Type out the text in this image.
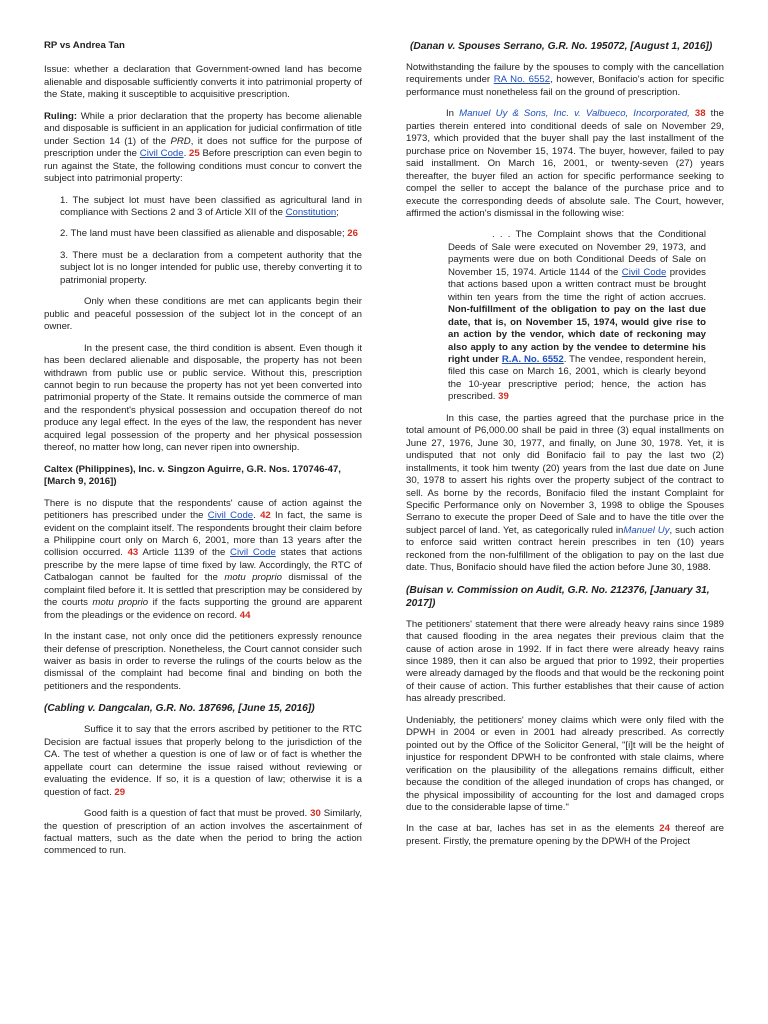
RP vs Andrea Tan

Issue: whether a declaration that Government-owned land has become alienable and disposable sufficiently converts it into patrimonial property of the State, making it susceptible to acquisitive prescription.

Ruling: While a prior declaration that the property has become alienable and disposable is sufficient in an application for judicial confirmation of title under Section 14 (1) of the PRD, it does not suffice for the purpose of prescription under the Civil Code. 25 Before prescription can even begin to run against the State, the following conditions must concur to convert the subject into patrimonial property:

1. The subject lot must have been classified as agricultural land in compliance with Sections 2 and 3 of Article XII of the Constitution;
2. The land must have been classified as alienable and disposable; 26
3. There must be a declaration from a competent authority that the subject lot is no longer intended for public use, thereby converting it to patrimonial property.

Only when these conditions are met can applicants begin their public and peaceful possession of the subject lot in the concept of an owner.

In the present case, the third condition is absent. Even though it has been declared alienable and disposable, the property has not been withdrawn from public use or public service. Without this, prescription cannot begin to run because the property has not yet been converted into patrimonial property of the State. It remains outside the commerce of man and the respondent's physical possession and occupation thereof do not produce any legal effect. In the eyes of the law, the respondent has never acquired legal possession of the property and her physical possession thereof, no matter how long, can never ripen into ownership.

Caltex (Philippines), Inc. v. Singzon Aguirre, G.R. Nos. 170746-47, [March 9, 2016])

There is no dispute that the respondents' cause of action against the petitioners has prescribed under the Civil Code. 42 In fact, the same is evident on the complaint itself. The respondents brought their claim before a Philippine court only on March 6, 2001, more than 13 years after the collision occurred. 43 Article 1139 of the Civil Code states that actions prescribe by the mere lapse of time fixed by law. Accordingly, the RTC of Catbalogan cannot be faulted for the motu proprio dismissal of the complaint filed before it. It is settled that prescription may be considered by the courts motu proprio if the facts supporting the ground are apparent from the pleadings or the evidence on record. 44

In the instant case, not only once did the petitioners expressly renounce their defense of prescription. Nonetheless, the Court cannot consider such waiver as basis in order to reverse the rulings of the courts below as the dismissal of the complaint had become final and binding on both the petitioners and the respondents.

(Cabling v. Dangcalan, G.R. No. 187696, [June 15, 2016])

Suffice it to say that the errors ascribed by petitioner to the RTC Decision are factual issues that properly belong to the jurisdiction of the CA. The test of whether a question is one of law or of fact is whether the appellate court can determine the issue raised without reviewing or evaluating the evidence. If so, it is a question of law; otherwise it is a question of fact. 29

Good faith is a question of fact that must be proved. 30 Similarly, the question of prescription of an action involves the ascertainment of factual matters, such as the date when the period to bring the action commenced to run.

(Danan v. Spouses Serrano, G.R. No. 195072, [August 1, 2016])

Notwithstanding the failure by the spouses to comply with the cancellation requirements under RA No. 6552, however, Bonifacio's action for specific performance must nonetheless fail on the ground of prescription.

In Manuel Uy & Sons, Inc. v. Valbueco, Incorporated, 38 the parties therein entered into conditional deeds of sale on November 29, 1973, which provided that the buyer shall pay the last installment of the purchase price on November 15, 1974. The buyer, however, failed to pay said installment. On March 16, 2001, or twenty-seven (27) years thereafter, the buyer filed an action for specific performance seeking to compel the seller to accept the balance of the purchase price and to execute the corresponding deeds of absolute sale. The Court, however, affirmed the action's dismissal in the following wise:

. . . The Complaint shows that the Conditional Deeds of Sale were executed on November 29, 1973, and payments were due on both Conditional Deeds of Sale on November 15, 1974. Article 1144 of the Civil Code provides that actions based upon a written contract must be brought within ten years from the time the right of action accrues. Non-fulfillment of the obligation to pay on the last due date, that is, on November 15, 1974, would give rise to an action by the vendor, which date of reckoning may also apply to any action by the vendee to determine his right under R.A. No. 6552. The vendee, respondent herein, filed this case on March 16, 2001, which is clearly beyond the 10-year prescriptive period; hence, the action has prescribed. 39

In this case, the parties agreed that the purchase price in the total amount of P6,000.00 shall be paid in three (3) equal installments on June 27, 1976, June 30, 1977, and finally, on June 30, 1978. Yet, it is undisputed that not only did Bonifacio fail to pay the last two (2) installments, it took him twenty (20) years from the last due date on June 30, 1978 to assert his rights over the property subject of the contract to sell. As borne by the records, Bonifacio filed the instant Complaint for Specific Performance only on November 3, 1998 to oblige the Spouses Serrano to execute the proper Deed of Sale and to have the title over the subject parcel of land. Yet, as categorically ruled inManuel Uy, such action to enforce said written contract herein prescribes in ten (10) years reckoned from the non-fulfillment of the obligation to pay on the last due date. Thus, Bonifacio should have filed the action before June 30, 1988.

(Buisan v. Commission on Audit, G.R. No. 212376, [January 31, 2017])

The petitioners' statement that there were already heavy rains since 1989 that caused flooding in the area negates their previous claim that the cause of action arose in 1992. If in fact there were already heavy rains since 1989, then it can also be argued that prior to 1992, their properties were already damaged by the floods and that would be the reckoning point of their cause of action. This further establishes that their cause of action has already prescribed.

Undeniably, the petitioners' money claims which were only filed with the DPWH in 2004 or even in 2001 had already prescribed. As correctly pointed out by the Office of the Solicitor General, "[i]t will be the height of injustice for respondent DPWH to be confronted with stale claims, where verification on the plausibility of the allegations remains difficult, either because the condition of the alleged inundation of crops has changed, or the physical impossibility of accounting for the lost and damaged crops due to the considerable lapse of time."

In the case at bar, laches has set in as the elements 24 thereof are present. Firstly, the premature opening by the DPWH of the Project
